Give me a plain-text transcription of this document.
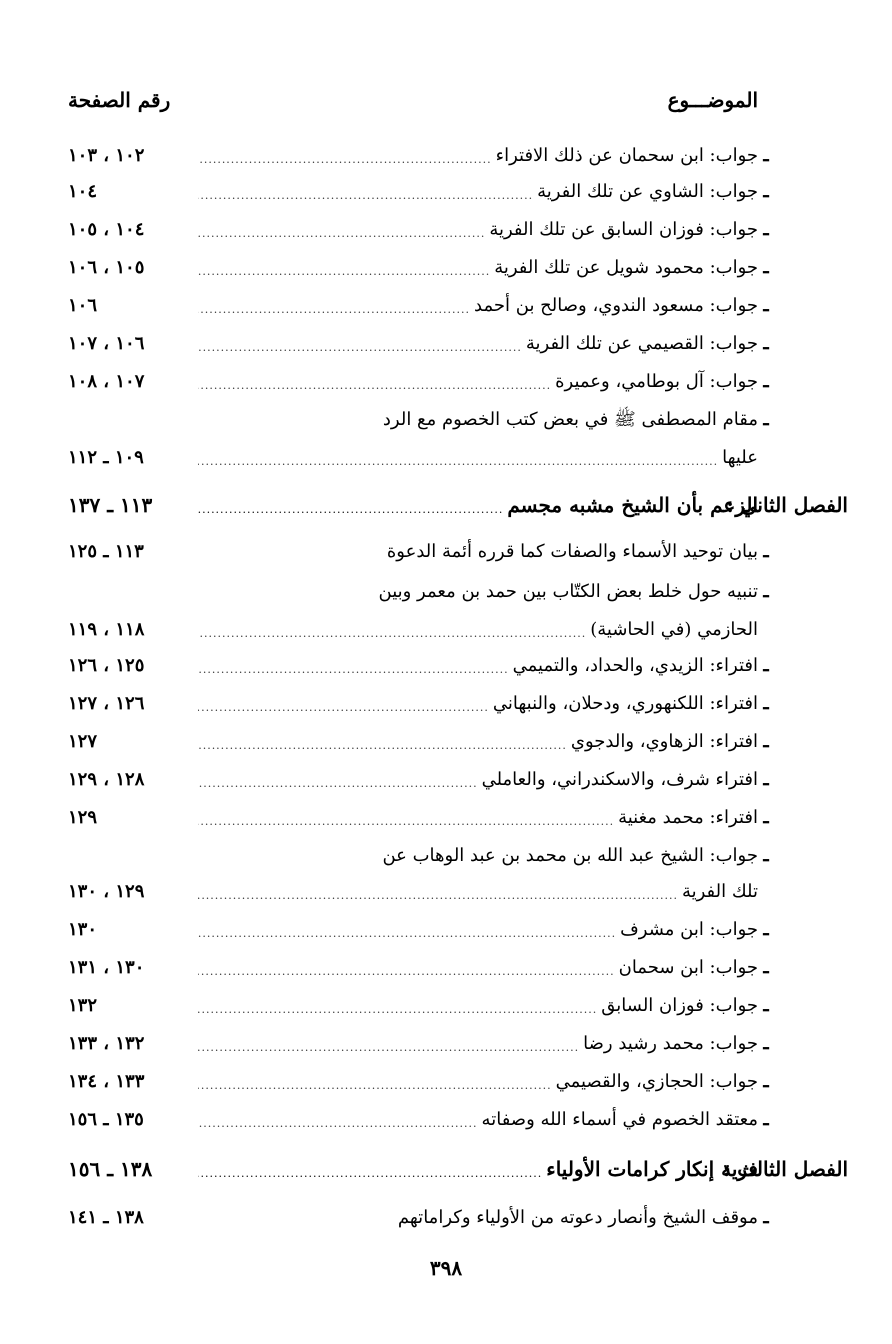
الموضـــوع
رقم الصفحة
ـ
جواب: ابن سحمان عن ذلك الافتراء
.....
١٠٢ ، ١٠٣
ـ
جواب: الشاوي عن تلك الفرية
.....
١٠٤
ـ
جواب: فوزان السابق عن تلك الفرية
.....
١٠٤ ، ١٠٥
ـ
جواب: محمود شويل عن تلك الفرية
.....
١٠٥ ، ١٠٦
ـ
جواب: مسعود الندوي، وصالح بن أحمد
.....
١٠٦
ـ
جواب: القصيمي عن تلك الفرية
.....
١٠٦ ، ١٠٧
ـ
جواب: آل بوطامي، وعميرة
.....
١٠٧ ، ١٠٨
ـ
مقام المصطفى ﷺ في بعض كتب الخصوم مع الرد
عليها
.....
١٠٩ ـ ١١٢
الفصل الثاني :
الزعم بأن الشيخ مشبه مجسم
.....
١١٣ ـ ١٣٧
ـ
بيان توحيد الأسماء والصفات كما قرره أئمة الدعوة
١١٣ ـ ١٢٥
ـ
تنبيه حول خلط بعض الكتّاب بين حمد بن معمر وبين
الحازمي (في الحاشية)
.....
١١٨ ، ١١٩
ـ
افتراء: الزيدي، والحداد، والتميمي
.....
١٢٥ ، ١٢٦
ـ
افتراء: اللكنهوري، ودحلان، والنبهاني
.....
١٢٦ ، ١٢٧
ـ
افتراء: الزهاوي، والدجوي
.....
١٢٧
ـ
افتراء شرف، والاسكندراني، والعاملي
.....
١٢٨ ، ١٢٩
ـ
افتراء: محمد مغنية
.....
١٢٩
ـ
جواب: الشيخ عبد الله بن محمد بن عبد الوهاب عن
تلك الفرية
.....
١٢٩ ، ١٣٠
ـ
جواب: ابن مشرف
.....
١٣٠
ـ
جواب: ابن سحمان
.....
١٣٠ ، ١٣١
ـ
جواب: فوزان السابق
.....
١٣٢
ـ
جواب: محمد رشيد رضا
.....
١٣٢ ، ١٣٣
ـ
جواب: الحجازي، والقصيمي
.....
١٣٣ ، ١٣٤
ـ
معتقد الخصوم في أسماء الله وصفاته
.....
١٣٥ ـ ١٥٦
الفصل الثالث :
فرية إنكار كرامات الأولياء
.....
١٣٨ ـ ١٥٦
ـ
موقف الشيخ وأنصار دعوته من الأولياء وكراماتهم
١٣٨ ـ ١٤١
٣٩٨
